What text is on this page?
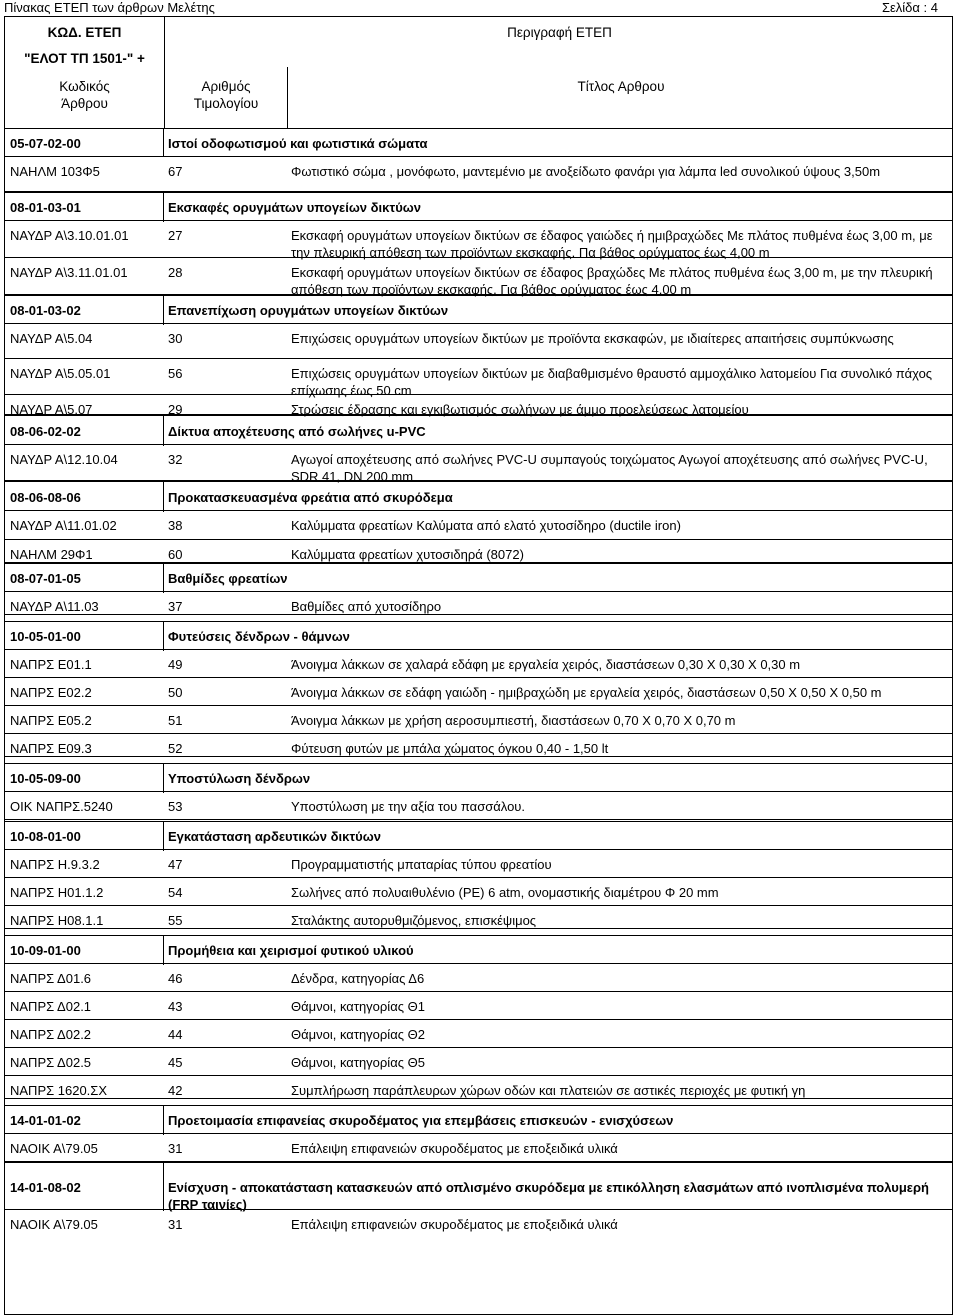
Πίνακας ΕΤΕΠ των άρθρων Μελέτης	Σελίδα : 4
ΚΩΔ. ΕΤΕΠ
"ΕΛΟΤ ΤΠ 1501-" +
Περιγραφή ΕΤΕΠ
Κωδικός
Άρθρου
Αριθμός
Τιμολογίου
Τίτλος Αρθρου
05-07-02-00	Ιστοί οδοφωτισμού και φωτιστικά σώματα
ΝΑΗΛΜ 103Φ5	67	Φωτιστικό σώμα , μονόφωτο, μαντεμένιο με ανοξείδωτο φανάρι για λάμπα led συνολικού ύψους 3,50m
08-01-03-01	Εκσκαφές ορυγμάτων υπογείων δικτύων
ΝΑΥΔΡ Α\3.10.01.01	27	Εκσκαφή ορυγμάτων υπογείων δικτύων σε έδαφος γαιώδες ή ημιβραχώδες Με πλάτος πυθμένα έως 3,00 m, με την πλευρική απόθεση των προϊόντων εκσκαφής. Πα βάθος ορύγματος έως 4,00 m
ΝΑΥΔΡ Α\3.11.01.01	28	Εκσκαφή ορυγμάτων υπογείων δικτύων σε έδαφος βραχώδες Με πλάτος πυθμένα έως 3,00 m, με την πλευρική απόθεση των προϊόντων εκσκαφής. Για βάθος ορύγματος έως 4,00 m
08-01-03-02	Επανεπίχωση ορυγμάτων υπογείων δικτύων
ΝΑΥΔΡ Α\5.04	30	Επιχώσεις ορυγμάτων υπογείων δικτύων με προϊόντα εκσκαφών, με ιδιαίτερες απαιτήσεις συμπύκνωσης
ΝΑΥΔΡ Α\5.05.01	56	Επιχώσεις ορυγμάτων υπογείων δικτύων με διαβαθμισμένο θραυστό αμμοχάλικο λατομείου Για συνολικό πάχος επίχωσης έως 50 cm
ΝΑΥΔΡ Α\5.07	29	Στρώσεις έδρασης και εγκιβωτισμός σωλήνων με άμμο προελεύσεως λατομείου
08-06-02-02	Δίκτυα αποχέτευσης από σωλήνες u-PVC
ΝΑΥΔΡ Α\12.10.04	32	Αγωγοί αποχέτευσης από σωλήνες PVC-U συμπαγούς τοιχώματος Αγωγοί αποχέτευσης από σωλήνες PVC-U, SDR 41, DN 200 mm
08-06-08-06	Προκατασκευασμένα φρεάτια από σκυρόδεμα
ΝΑΥΔΡ Α\11.01.02	38	Καλύμματα φρεατίων Καλύματα από ελατό χυτοσίδηρο (ductile iron)
ΝΑΗΛΜ 29Φ1	60	Καλύμματα φρεατίων χυτοσιδηρά (8072)
08-07-01-05	Βαθμίδες φρεατίων
ΝΑΥΔΡ Α\11.03	37	Βαθμίδες από χυτοσίδηρο
10-05-01-00	Φυτεύσεις δένδρων - θάμνων
ΝΑΠΡΣ Ε01.1	49	Άνοιγμα λάκκων σε χαλαρά εδάφη με εργαλεία χειρός, διαστάσεων 0,30 Χ 0,30 Χ 0,30 m
ΝΑΠΡΣ Ε02.2	50	Άνοιγμα λάκκων σε εδάφη γαιώδη - ημιβραχώδη με εργαλεία χειρός, διαστάσεων 0,50 Χ 0,50 Χ 0,50 m
ΝΑΠΡΣ Ε05.2	51	Άνοιγμα λάκκων με χρήση αεροσυμπιεστή, διαστάσεων 0,70 Χ 0,70 Χ 0,70 m
ΝΑΠΡΣ Ε09.3	52	Φύτευση φυτών με μπάλα χώματος όγκου 0,40 - 1,50 lt
10-05-09-00	Υποστύλωση δένδρων
ΟΙΚ ΝΑΠΡΣ.5240	53	Υποστύλωση με την αξία του πασσάλου.
10-08-01-00	Εγκατάσταση αρδευτικών δικτύων
ΝΑΠΡΣ Η.9.3.2	47	Προγραμματιστής μπαταρίας τύπου φρεατίου
ΝΑΠΡΣ Η01.1.2	54	Σωλήνες από πολυαιθυλένιο (PE) 6 atm, ονομαστικής διαμέτρου Φ 20 mm
ΝΑΠΡΣ Η08.1.1	55	Σταλάκτης αυτορυθμιζόμενος, επισκέψιμος
10-09-01-00	Προμήθεια και χειρισμοί φυτικού υλικού
ΝΑΠΡΣ Δ01.6	46	Δένδρα, κατηγορίας Δ6
ΝΑΠΡΣ Δ02.1	43	Θάμνοι, κατηγορίας Θ1
ΝΑΠΡΣ Δ02.2	44	Θάμνοι, κατηγορίας Θ2
ΝΑΠΡΣ Δ02.5	45	Θάμνοι, κατηγορίας Θ5
ΝΑΠΡΣ 1620.ΣΧ	42	Συμπλήρωση παράπλευρων χώρων οδών και πλατειών σε αστικές περιοχές με φυτική γη
14-01-01-02	Προετοιμασία επιφανείας σκυροδέματος για επεμβάσεις επισκευών - ενισχύσεων
ΝΑΟΙΚ Α\79.05	31	Επάλειψη επιφανειών σκυροδέματος με εποξειδικά υλικά
14-01-08-02	Ενίσχυση - αποκατάσταση κατασκευών από οπλισμένο σκυρόδεμα με επικόλληση ελασμάτων από ινοπλισμένα πολυμερή (FRP ταινίες)
ΝΑΟΙΚ Α\79.05	31	Επάλειψη επιφανειών σκυροδέματος με εποξειδικά υλικά
